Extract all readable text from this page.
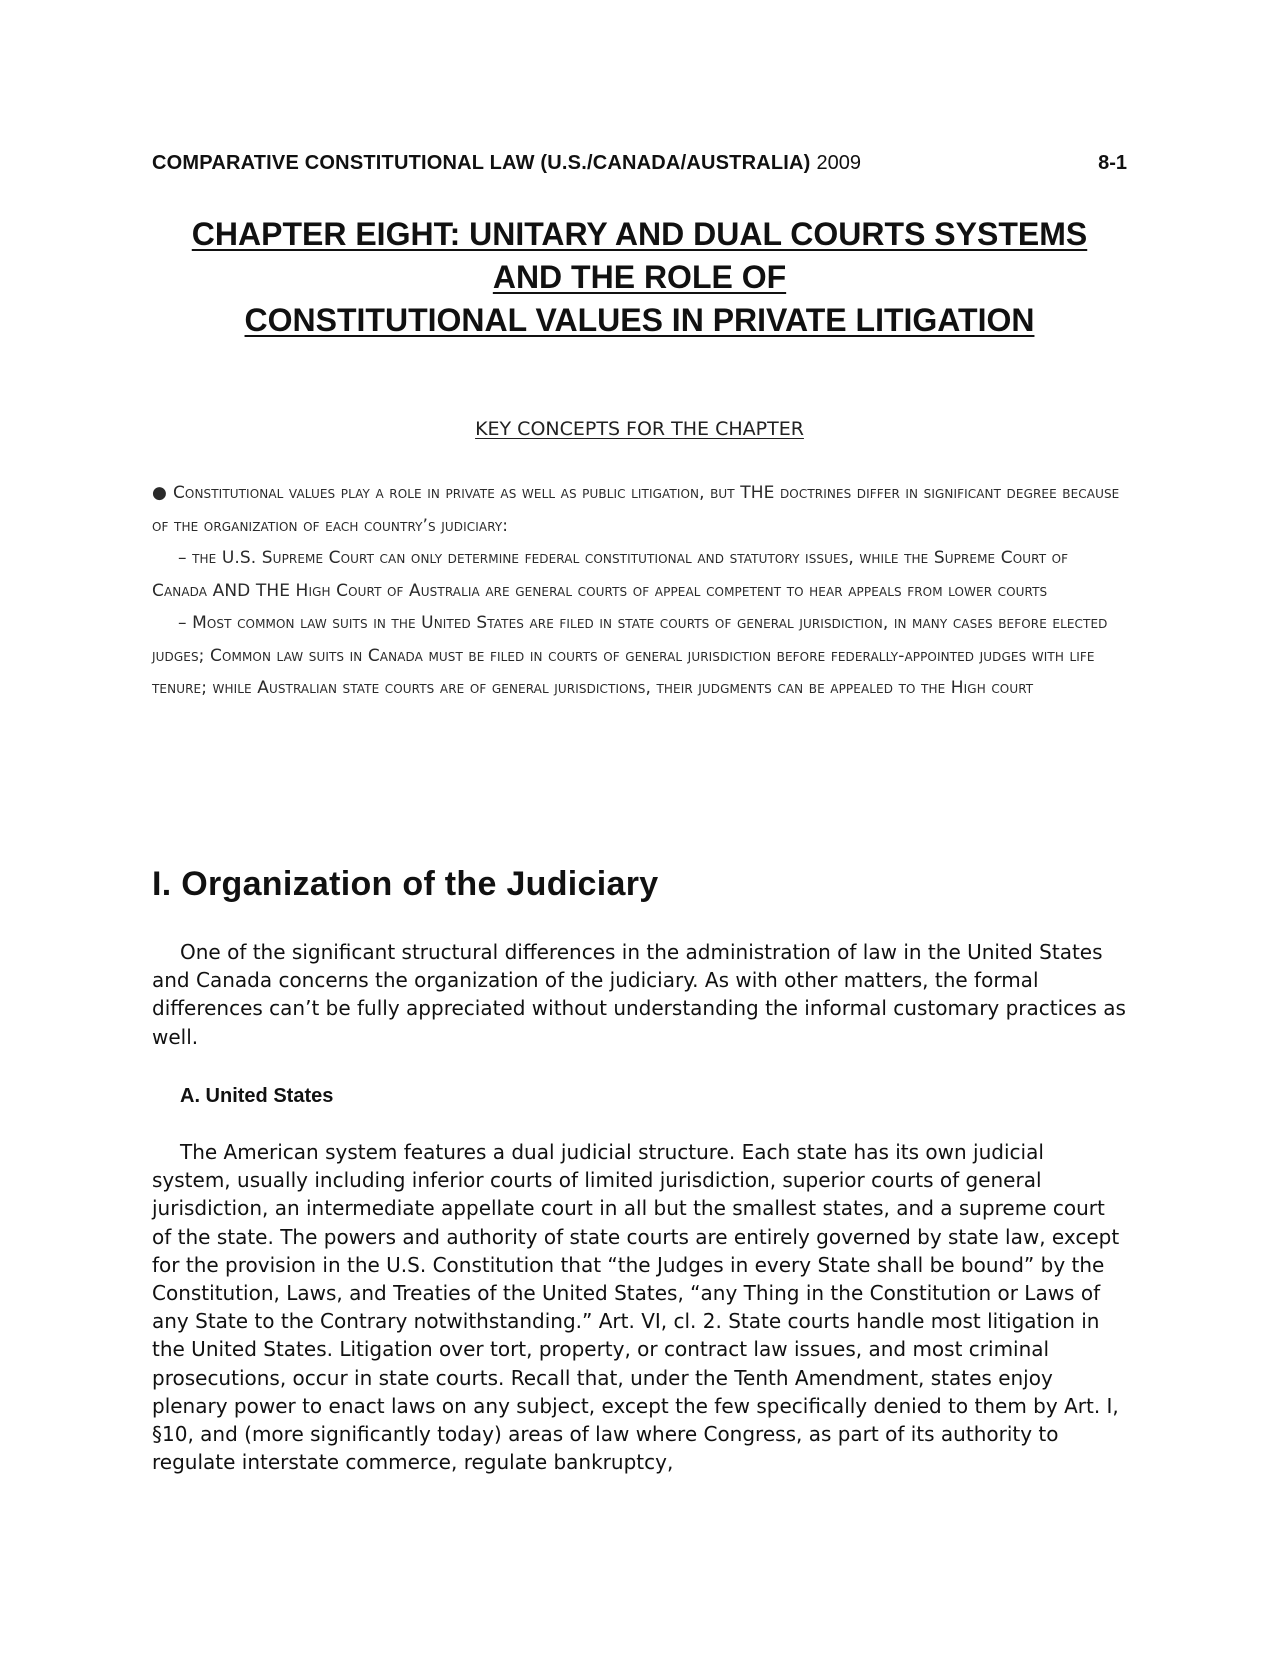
COMPARATIVE CONSTITUTIONAL LAW (U.S./CANADA/AUSTRALIA) 2009	8-1
CHAPTER EIGHT: UNITARY AND DUAL COURTS SYSTEMS
AND THE ROLE OF
CONSTITUTIONAL VALUES IN PRIVATE LITIGATION
KEY CONCEPTS FOR THE CHAPTER

● Constitutional values play a role in private as well as public litigation, but THE doctrines differ in significant degree because of the organization of each country’s judiciary:

– the U.S. Supreme Court can only determine federal constitutional and statutory issues, while the Supreme Court of Canada AND THE High Court of Australia are general courts of appeal competent to hear appeals from lower courts

– Most common law suits in the United States are filed in state courts of general jurisdiction, in many cases before elected judges; Common law suits in Canada must be filed in courts of general jurisdiction before federally-appointed judges with life tenure; while Australian state courts are of general jurisdictions, their judgments can be appealed to the High court

I. Organization of the Judiciary

One of the significant structural differences in the administration of law in the United States and Canada concerns the organization of the judiciary. As with other matters, the formal differences can’t be fully appreciated without understanding the informal customary practices as well.

A. United States

The American system features a dual judicial structure. Each state has its own judicial system, usually including inferior courts of limited jurisdiction, superior courts of general jurisdiction, an intermediate appellate court in all but the smallest states, and a supreme court of the state. The powers and authority of state courts are entirely governed by state law, except for the provision in the U.S. Constitution that “the Judges in every State shall be bound” by the Constitution, Laws, and Treaties of the United States, “any Thing in the Constitution or Laws of any State to the Contrary notwithstanding.” Art. VI, cl. 2. State courts handle most litigation in the United States. Litigation over tort, property, or contract law issues, and most criminal prosecutions, occur in state courts. Recall that, under the Tenth Amendment, states enjoy plenary power to enact laws on any subject, except the few specifically denied to them by Art. I, §10, and (more significantly today) areas of law where Congress, as part of its authority to regulate interstate commerce, regulate bankruptcy,
